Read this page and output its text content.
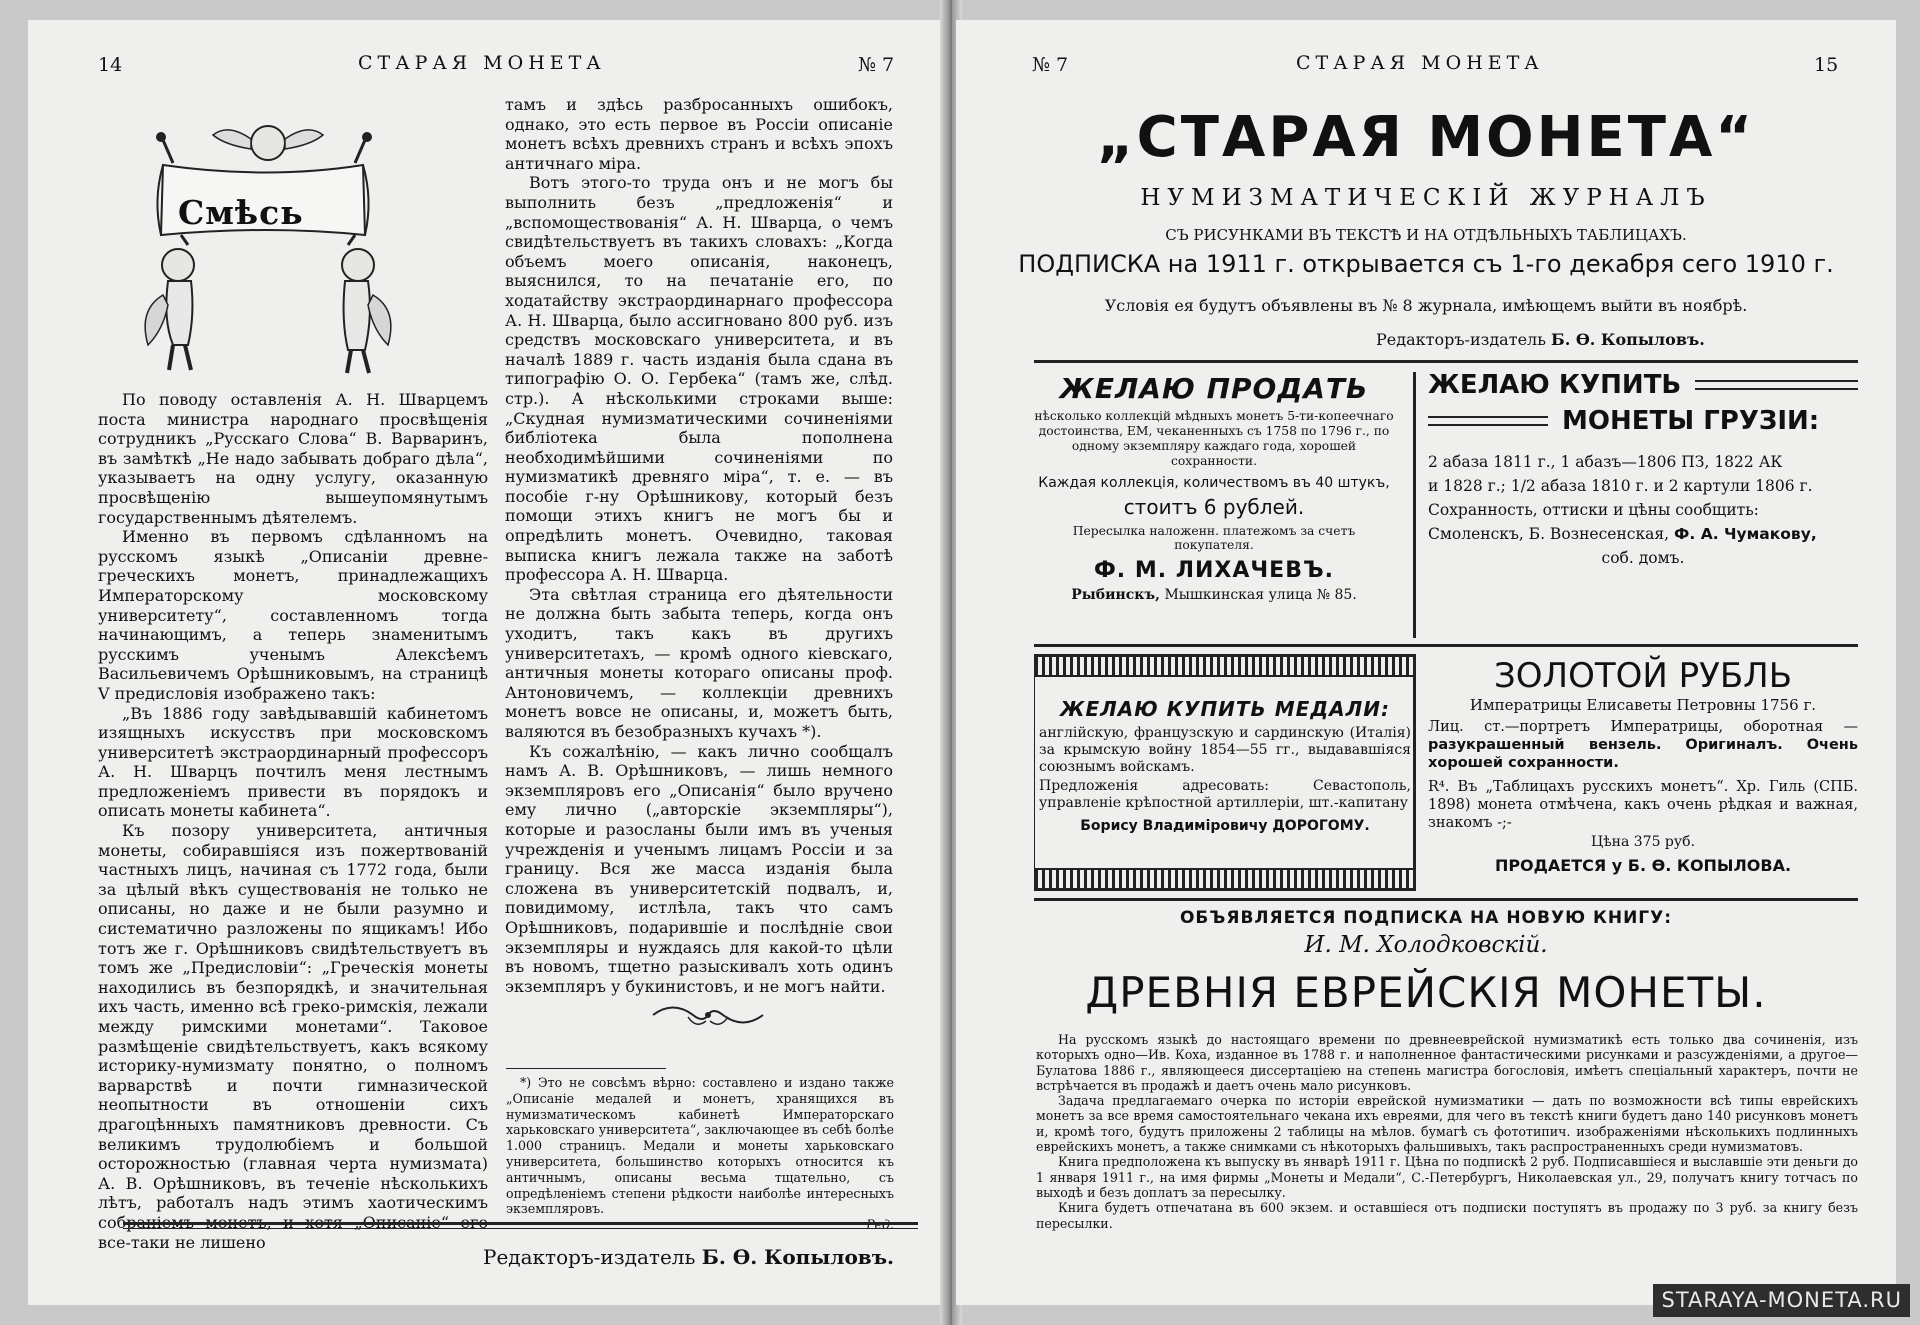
14	СТАРАЯ МОНЕТА	№ 7
Смѣсь

По поводу оставленія А. Н. Шварцемъ поста министра народнаго просвѣщенія сотрудникъ „Русскаго Слова“ В. Варваринъ, въ замѣткѣ „Не надо забывать добраго дѣла“, указываетъ на одну услугу, оказанную просвѣщенію вышеупомянутымъ государственнымъ дѣятелемъ.

Именно въ первомъ сдѣланномъ на русскомъ языкѣ „Описаніи древне-греческихъ монетъ, принадлежащихъ Императорскому московскому университету“, составленномъ тогда начинающимъ, а теперь знаменитымъ русскимъ ученымъ Алексѣемъ Васильевичемъ Орѣшниковымъ, на страницѣ V предисловія изображено такъ:

„Въ 1886 году завѣдывавшій кабинетомъ изящныхъ искусствъ при московскомъ университетѣ экстраординарный профессоръ А. Н. Шварцъ почтилъ меня лестнымъ предложеніемъ привести въ порядокъ и описать монеты кабинета“.

Къ позору университета, античныя монеты, собиравшіяся изъ пожертвованій частныхъ лицъ, начиная съ 1772 года, были за цѣлый вѣкъ существованія не только не описаны, но даже и не были разумно и систематично разложены по ящикамъ! Ибо тотъ же г. Орѣшниковъ свидѣтельствуетъ въ томъ же „Предисловіи“: „Греческія монеты находились въ безпорядкѣ, и значительная ихъ часть, именно всѣ греко-римскія, лежали между римскими монетами“. Таковое размѣщеніе свидѣтельствуетъ, какъ всякому историку-нумизмату понятно, о полномъ варварствѣ и почти гимназической неопытности въ отношеніи сихъ драгоцѣнныхъ памятниковъ древности. Съ великимъ трудолюбіемъ и большой осторожностью (главная черта нумизмата) А. В. Орѣшниковъ, въ теченіе нѣсколькихъ лѣтъ, работалъ надъ этимъ хаотическимъ собраніемъ монетъ, и хотя „Описаніе“ его все-таки не лишено

тамъ и здѣсь разбросанныхъ ошибокъ, однако, это есть первое въ Россіи описаніе монетъ всѣхъ древнихъ странъ и всѣхъ эпохъ античнаго міра.

Вотъ этого-то труда онъ и не могъ бы выполнить безъ „предложенія“ и „вспомоществованія“ А. Н. Шварца, о чемъ свидѣтельствуетъ въ такихъ словахъ: „Когда объемъ моего описанія, наконецъ, выяснился, то на печатаніе его, по ходатайству экстраординарнаго профессора А. Н. Шварца, было ассигновано 800 руб. изъ средствъ московскаго университета, и въ началѣ 1889 г. часть изданія была сдана въ типографію О. О. Гербека“ (тамъ же, слѣд. стр.). А нѣсколькими строками выше: „Скудная нумизматическими сочиненіями библіотека была пополнена необходимѣйшими сочиненіями по нумизматикѣ древняго міра“, т. е. — въ пособіе г-ну Орѣшникову, который безъ помощи этихъ книгъ не могъ бы и опредѣлить монетъ. Очевидно, таковая выписка книгъ лежала также на заботѣ профессора А. Н. Шварца.

Эта свѣтлая страница его дѣятельности не должна быть забыта теперь, когда онъ уходитъ, такъ какъ въ другихъ университетахъ, — кромѣ одного кіевскаго, античныя монеты котораго описаны проф. Антоновичемъ, — коллекціи древнихъ монетъ вовсе не описаны, и, можетъ быть, валяются въ безобразныхъ кучахъ *).

Къ сожалѣнію, — какъ лично сообщалъ намъ А. В. Орѣшниковъ, — лишь немного экземпляровъ его „Описанія“ было вручено ему лично („авторскіе экземпляры“), которые и разосланы были имъ въ ученыя учрежденія и ученымъ лицамъ Россіи и за границу. Вся же масса изданія была сложена въ университетскій подвалъ, и, повидимому, истлѣла, такъ что самъ Орѣшниковъ, подарившіе и послѣдніе свои экземпляры и нуждаясь для какой-то цѣли въ новомъ, тщетно разыскивалъ хоть одинъ экземпляръ у букинистовъ, и не могъ найти.

*) Это не совсѣмъ вѣрно: составлено и издано также „Описаніе медалей и монетъ, хранящихся въ нумизматическомъ кабинетѣ Императорскаго харьковскаго университета“, заключающее въ себѣ болѣе 1.000 страницъ. Медали и монеты харьковскаго университета, большинство которыхъ относится къ античнымъ, описаны весьма тщательно, съ опредѣленіемъ степени рѣдкости наиболѣе интересныхъ экземпляровъ.

Ред.
Редакторъ-издатель Б. Ѳ. Копыловъ.
№ 7	СТАРАЯ МОНЕТА	15
„СТАРАЯ МОНЕТА“
НУМИЗМАТИЧЕСКІЙ ЖУРНАЛЪ
СЪ РИСУНКАМИ ВЪ ТЕКСТѢ И НА ОТДѢЛЬНЫХЪ ТАБЛИЦАХЪ.
ПОДПИСКА на 1911 г. открывается съ 1-го декабря сего 1910 г.
Условія ея будутъ объявлены въ № 8 журнала, имѣющемъ выйти въ ноябрѣ.
Редакторъ-издатель Б. Ѳ. Копыловъ.
ЖЕЛАЮ ПРОДАТЬ
нѣсколько коллекцій мѣдныхъ монетъ 5-ти-копеечнаго достоинства, ЕМ, чеканенныхъ съ 1758 по 1796 г., по одному экземпляру каждаго года, хорошей сохранности.
Каждая коллекція, количествомъ въ 40 штукъ,
стоитъ 6 рублей.
Пересылка наложенн. платежомъ за счетъ покупателя.
Ф. М. ЛИХАЧЕВЪ.
Рыбинскъ, Мышкинская улица № 85.
ЖЕЛАЮ КУПИТЬ
МОНЕТЫ ГРУЗІИ:
2 абаза 1811 г., 1 абазъ—1806 ПЗ, 1822 АК
и 1828 г.; 1/2 абаза 1810 г. и 2 картули 1806 г.
Сохранность, оттиски и цѣны сообщить:
Смоленскъ, Б. Вознесенская, Ф. А. Чумакову,
соб. домъ.
ЖЕЛАЮ КУПИТЬ МЕДАЛИ:
англійскую, французскую и сардинскую (Италія) за крымскую войну 1854—55 гг., выдававшіяся союзнымъ войскамъ.
Предложенія адресовать: Севастополь, управленіе крѣпостной артиллеріи, шт.-капитану
Борису Владиміровичу ДОРОГОМУ.
ЗОЛОТОЙ РУБЛЬ
Императрицы Елисаветы Петровны 1756 г.
Лиц. ст.—портретъ Императрицы, оборотная — разукрашенный вензель. Оригиналъ. Очень хорошей сохранности.
R⁴. Въ „Таблицахъ русскихъ монетъ“. Хр. Гиль (СПБ. 1898) монета отмѣчена, какъ очень рѣдкая и важная, знакомъ -;-
Цѣна 375 руб.
ПРОДАЕТСЯ у Б. Ѳ. КОПЫЛОВА.
ОБЪЯВЛЯЕТСЯ ПОДПИСКА НА НОВУЮ КНИГУ:
И. М. Холодковскій.
ДРЕВНІЯ ЕВРЕЙСКІЯ МОНЕТЫ.

На русскомъ языкѣ до настоящаго времени по древнееврейской нумизматикѣ есть только два сочиненія, изъ которыхъ одно—Ив. Коха, изданное въ 1788 г. и наполненное фантастическими рисунками и разсужденіями, а другое—Булатова 1886 г., являющееся диссертаціею на степень магистра богословія, имѣетъ спеціальный характеръ, почти не встрѣчается въ продажѣ и даетъ очень мало рисунковъ.

Задача предлагаемаго очерка по исторіи еврейской нумизматики — дать по возможности всѣ типы еврейскихъ монетъ за все время самостоятельнаго чекана ихъ евреями, для чего въ текстѣ книги будетъ дано 140 рисунковъ монетъ и, кромѣ того, будутъ приложены 2 таблицы на мѣлов. бумагѣ съ фототипич. изображеніями нѣсколькихъ подлинныхъ еврейскихъ монетъ, а также снимками съ нѣкоторыхъ фальшивыхъ, такъ распространенныхъ среди нумизматовъ.

Книга предположена къ выпуску въ январѣ 1911 г. Цѣна по подпискѣ 2 руб. Подписавшіеся и выславшіе эти деньги до 1 января 1911 г., на имя фирмы „Монеты и Медали“, С.-Петербургъ, Николаевская ул., 29, получатъ книгу тотчасъ по выходѣ и безъ доплатъ за пересылку.

Книга будетъ отпечатана въ 600 экзем. и оставшіеся отъ подписки поступятъ въ продажу по 3 руб. за книгу безъ пересылки.

STARAYA-MONETA.RU
